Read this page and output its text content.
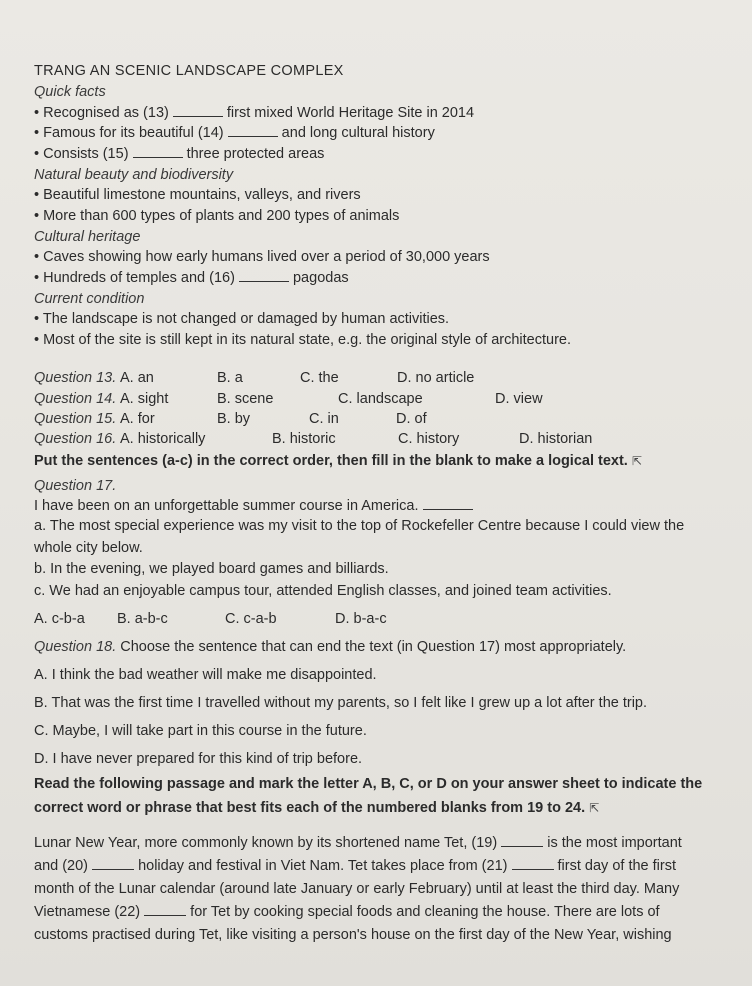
TRANG AN SCENIC LANDSCAPE COMPLEX
Quick facts
• Recognised as (13)	first mixed World Heritage Site in 2014
• Famous for its beautiful (14)	and long cultural history
• Consists (15)	three protected areas
Natural beauty and biodiversity
• Beautiful limestone mountains, valleys, and rivers
• More than 600 types of plants and 200 types of animals
Cultural heritage
• Caves showing how early humans lived over a period of 30,000 years
• Hundreds of temples and (16)	pagodas
Current condition
• The landscape is not changed or damaged by human activities.
• Most of the site is still kept in its natural state, e.g. the original style of architecture.
Question 13. A. an	B. a	C. the	D. no article
Question 14. A. sight	B. scene	C. landscape	D. view
Question 15. A. for	B. by	C. in	D. of
Question 16. A. historically	B. historic	C. history	D. historian
Put the sentences (a-c) in the correct order, then fill in the blank to make a logical text. ⇱
Question 17.
I have been on an unforgettable summer course in America.
a. The most special experience was my visit to the top of Rockefeller Centre because I could view the
whole city below.
b. In the evening, we played board games and billiards.
c. We had an enjoyable campus tour, attended English classes, and joined team activities.
A. c-b-a B. a-b-c	C. c-a-b	D. b-a-c
Question 18. Choose the sentence that can end the text (in Question 17) most appropriately.
A. I think the bad weather will make me disappointed.
B. That was the first time I travelled without my parents, so I felt like I grew up a lot after the trip.
C. Maybe, I will take part in this course in the future.
D. I have never prepared for this kind of trip before.
Read the following passage and mark the letter A, B, C, or D on your answer sheet to indicate the
correct word or phrase that best fits each of the numbered blanks from 19 to 24. ⇱
Lunar New Year, more commonly known by its shortened name Tet, (19)	is the most important
and (20)	holiday and festival in Viet Nam. Tet takes place from (21)	first day of the first
month of the Lunar calendar (around late January or early February) until at least the third day. Many
Vietnamese (22)	for Tet by cooking special foods and cleaning the house. There are lots of
customs practised during Tet, like visiting a person's house on the first day of the New Year, wishing
